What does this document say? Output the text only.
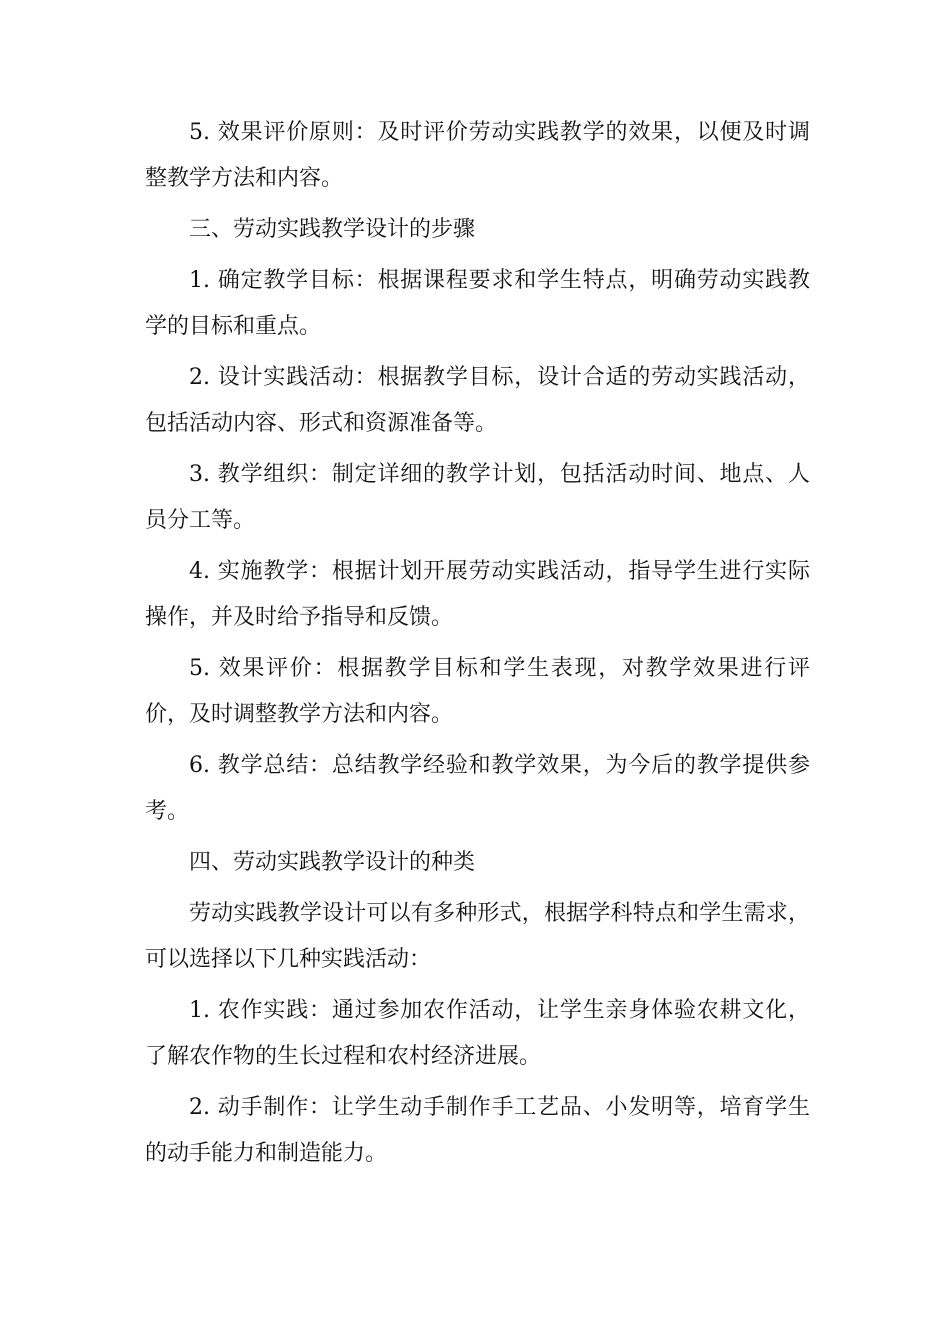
5. 效果评价原则：及时评价劳动实践教学的效果，以便及时调整教学方法和内容。

三、劳动实践教学设计的步骤

1. 确定教学目标：根据课程要求和学生特点，明确劳动实践教学的目标和重点。

2. 设计实践活动：根据教学目标，设计合适的劳动实践活动，包括活动内容、形式和资源准备等。

3. 教学组织：制定详细的教学计划，包括活动时间、地点、人员分工等。

4. 实施教学：根据计划开展劳动实践活动，指导学生进行实际操作，并及时给予指导和反馈。

5. 效果评价：根据教学目标和学生表现，对教学效果进行评价，及时调整教学方法和内容。

6. 教学总结：总结教学经验和教学效果，为今后的教学提供参考。

四、劳动实践教学设计的种类

劳动实践教学设计可以有多种形式，根据学科特点和学生需求，可以选择以下几种实践活动：

1. 农作实践：通过参加农作活动，让学生亲身体验农耕文化，了解农作物的生长过程和农村经济进展。

2. 动手制作：让学生动手制作手工艺品、小发明等，培育学生的动手能力和制造能力。
